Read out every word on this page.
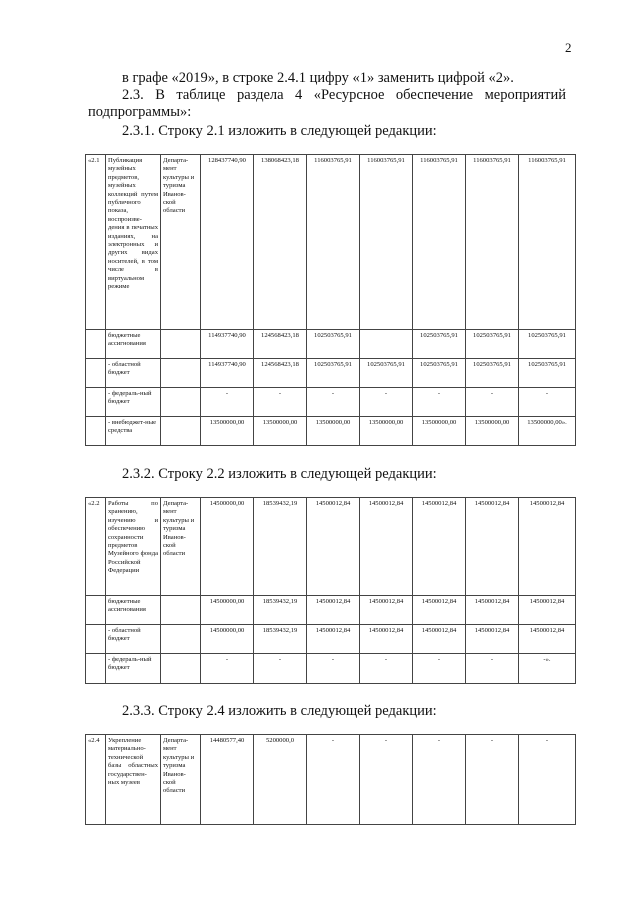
2
в графе «2019», в строке 2.4.1 цифру «1» заменить цифрой «2».
2.3. В таблице раздела 4 «Ресурсное обеспечение мероприятий подпрограммы»:
2.3.1. Строку 2.1 изложить в следующей редакции:
«2.1	Публикация музейных предметов, музейных коллекций путем публичного показа, воспроизве-дения в печатных изданиях, на электронных и других видах носителей, в том числе в виртуальном режиме	Департа-мент культуры и туризма Иванов-ской области	128437740,90	138068423,18	116003765,91	116003765,91	116003765,91	116003765,91	116003765,91
	бюджетные ассигнования		114937740,90	124568423,18	102503765,91		102503765,91	102503765,91	102503765,91
	- областной бюджет		114937740,90	124568423,18	102503765,91	102503765,91	102503765,91	102503765,91	102503765,91
	- федераль-ный бюджет		-	-	-	-	-	-	-
	- внебюджет-ные средства		13500000,00	13500000,00	13500000,00	13500000,00	13500000,00	13500000,00	13500000,00».
2.3.2. Строку 2.2 изложить в следующей редакции:
«2.2	Работы по хранению, изучению и обеспечению сохранности предметов Музейного фонда Российской Федерации	Департа-мент культуры и туризма Иванов-ской области	14500000,00	18539432,19	14500012,84	14500012,84	14500012,84	14500012,84	14500012,84
	бюджетные ассигнования		14500000,00	18539432,19	14500012,84	14500012,84	14500012,84	14500012,84	14500012,84
	- областной бюджет		14500000,00	18539432,19	14500012,84	14500012,84	14500012,84	14500012,84	14500012,84
	- федераль-ный бюджет		-	-	-	-	-	-	-».
2.3.3. Строку 2.4 изложить в следующей редакции:
«2.4	Укрепление материально-технической базы областных государствен-ных музеев	Департа-мент культуры и туризма Иванов-ской области	14480577,40	5200000,0	-	-	-	-	-
